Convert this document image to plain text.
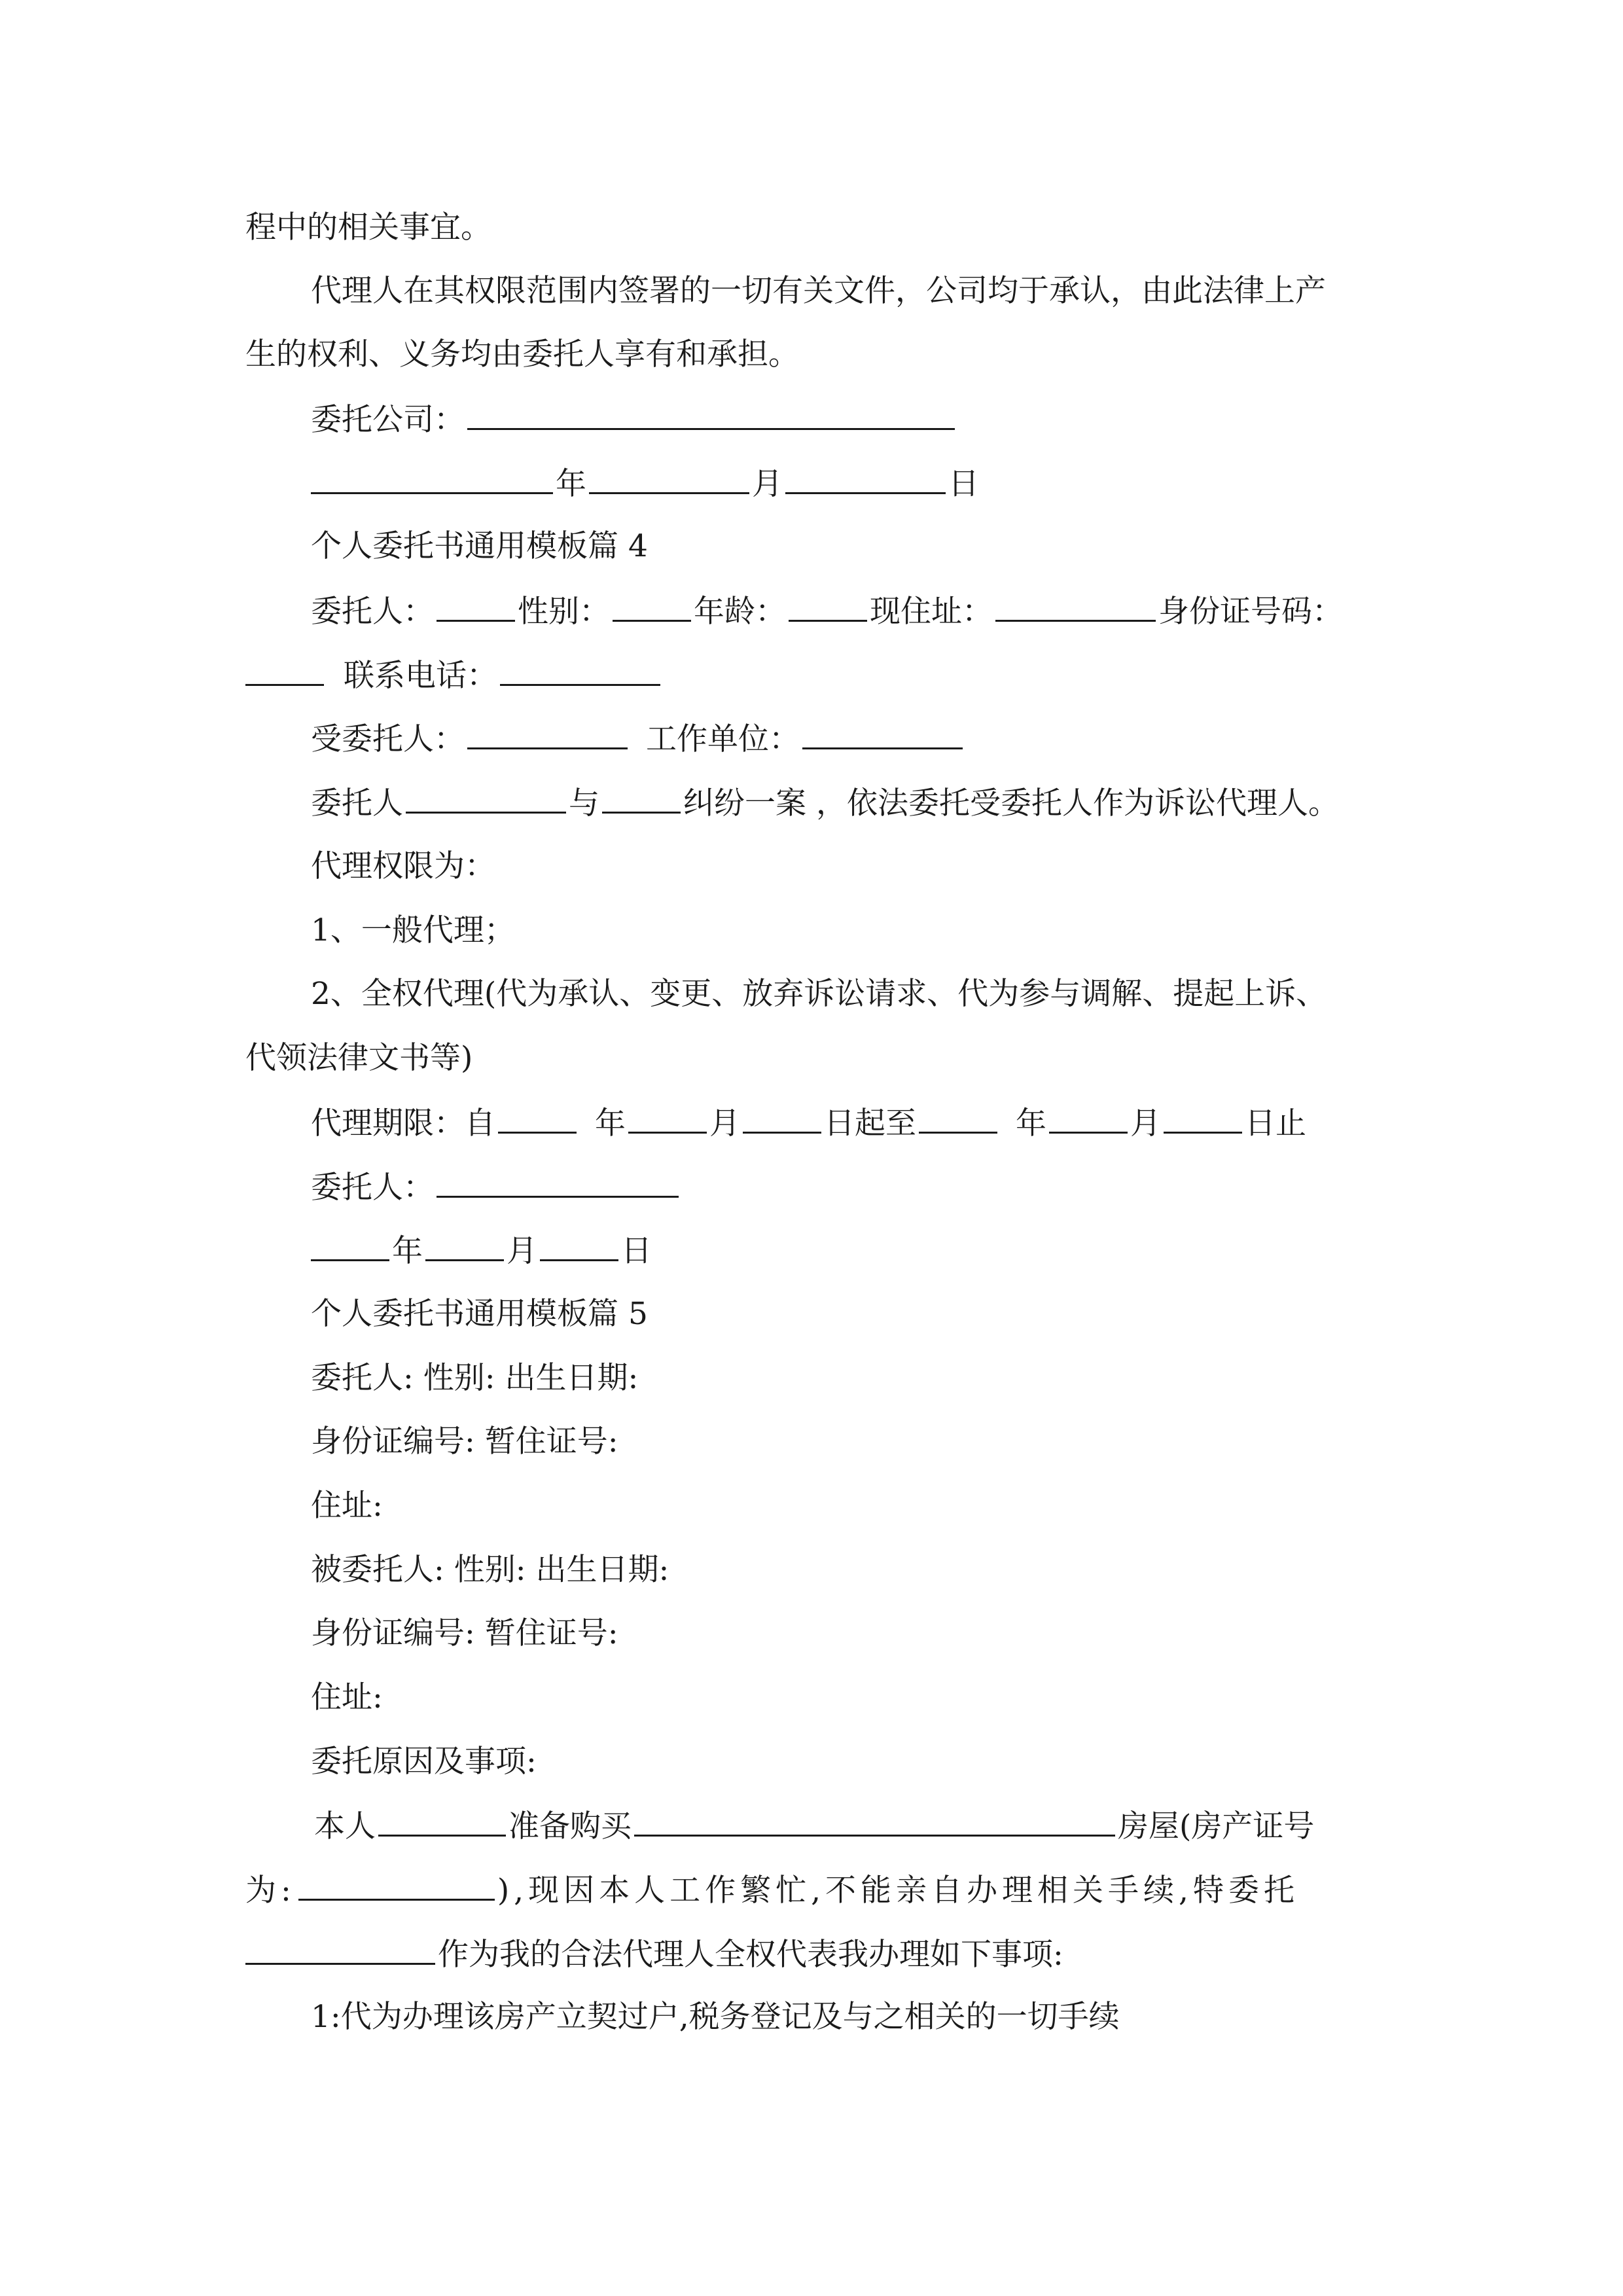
程中的相关事宜。
代理人在其权限范围内签署的一切有关文件，公司均于承认，由此法律上产
生的权利、义务均由委托人享有和承担。
委托公司：
年	月	日
个人委托书通用模板篇 4
委托人：	性别：	年龄：	现住址：	身份证号码：
联系电话：
受委托人：	工作单位：
委托人	与	纠纷一案 ，依法委托受委托人作为诉讼代理人。
代理权限为：
1、一般代理；
2、全权代理(代为承认、变更、放弃诉讼请求、代为参与调解、提起上诉、
代领法律文书等)
代理期限：自	年	月	日起至	年	月	日止
委托人：
年	月	日
个人委托书通用模板篇 5
委托人: 性别: 出生日期:
身份证编号: 暂住证号:
住址:
被委托人: 性别: 出生日期:
身份证编号: 暂住证号:
住址:
委托原因及事项:
本人	准备购买	房屋(房产证号
为:	),现因本人工作繁忙,不能亲自办理相关手续,特委托
作为我的合法代理人全权代表我办理如下事项:
1:代为办理该房产立契过户,税务登记及与之相关的一切手续
